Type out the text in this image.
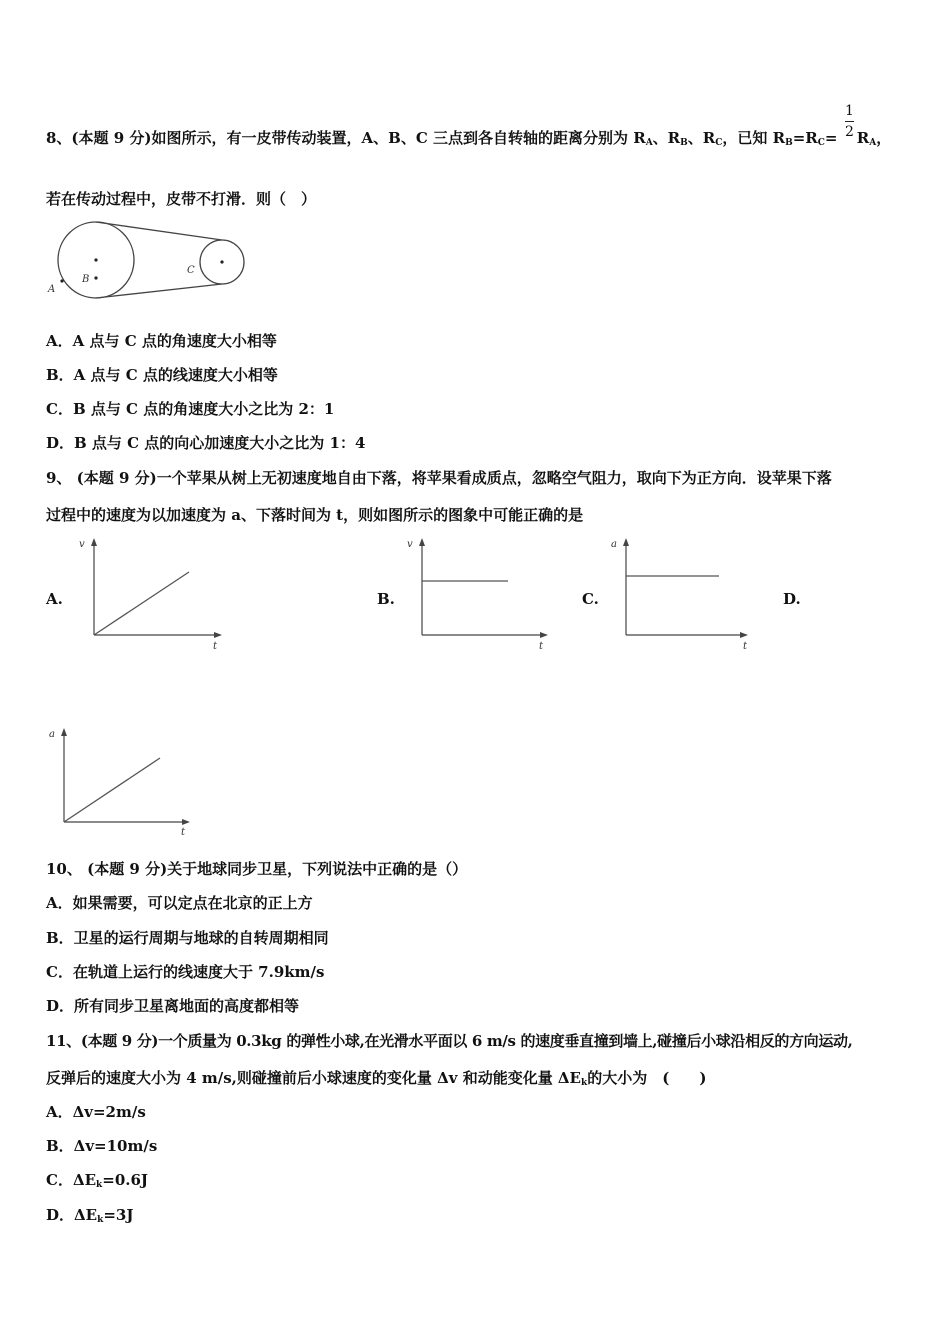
8、(本题 9 分)如图所示，有一皮带传动装置，A、B、C 三点到各自转轴的距离分别为 $R_A$、$R_B$、$R_C$，已知 $R_B=R_C= R_A$，
1
2
若在传动过程中，皮带不打滑．则（　）
A
B
C
A．A 点与 C 点的角速度大小相等
B．A 点与 C 点的线速度大小相等
C．B 点与 C 点的角速度大小之比为 2：1
D．B 点与 C 点的向心加速度大小之比为 1：4
9、 (本题 9 分)一个苹果从树上无初速度地自由下落，将苹果看成质点，忽略空气阻力，取向下为正方向．设苹果下落
过程中的速度为以加速度为 a、下落时间为 t，则如图所示的图象中可能正确的是
A.	B.	C.	D.
v
t
v
t
a
t
a
t
10、 (本题 9 分)关于地球同步卫星，下列说法中正确的是（）
A．如果需要，可以定点在北京的正上方
B．卫星的运行周期与地球的自转周期相同
C．在轨道上运行的线速度大于 7.9km/s
D．所有同步卫星离地面的高度都相等
11、(本题 9 分)一个质量为 0.3kg 的弹性小球,在光滑水平面以 6 m/s 的速度垂直撞到墙上,碰撞后小球沿相反的方向运动,
反弹后的速度大小为 4 m/s,则碰撞前后小球速度的变化量 Δv 和动能变化量 $\Delta E_k$的大小为　(　　)
A．Δv=2m/s
B．Δv=10m/s
C．$\Delta E_k=0.6J$
D．$\Delta E_k=3J$
